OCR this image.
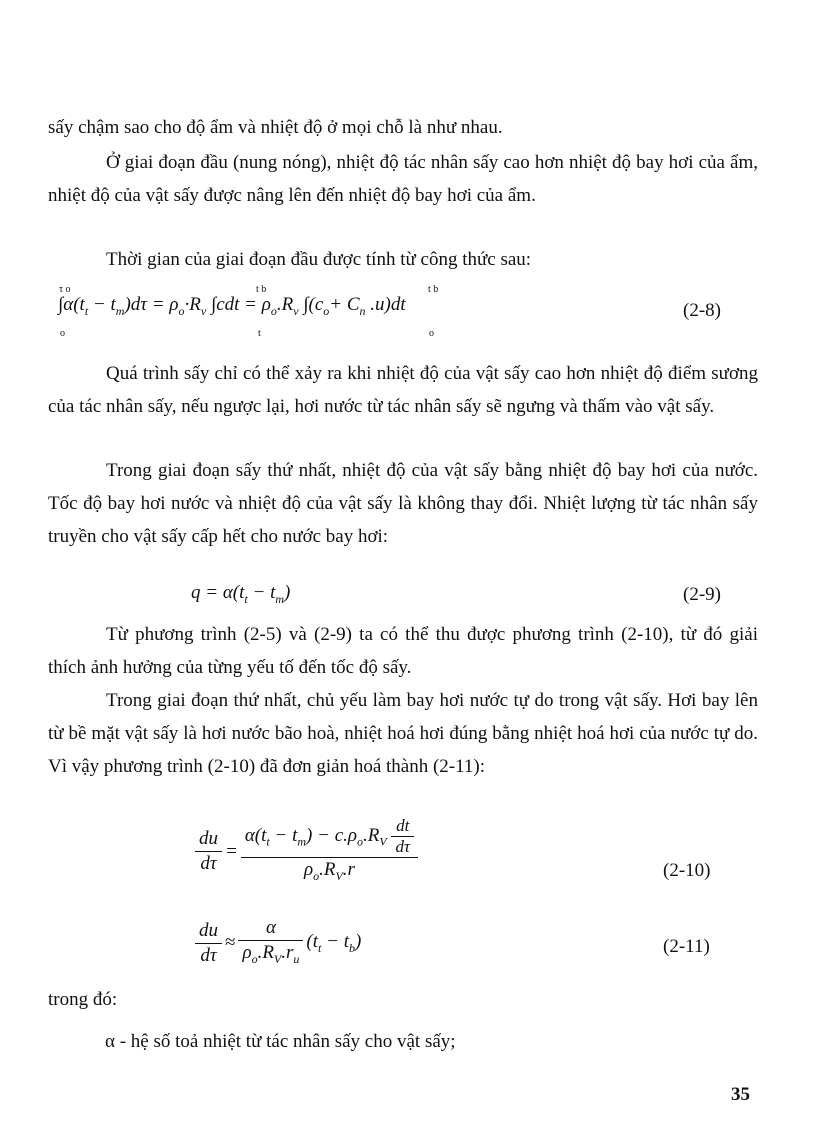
sấy chậm sao cho độ ẩm và nhiệt độ ở mọi chỗ là như nhau.
Ở giai đoạn đầu (nung nóng), nhiệt độ tác nhân sấy cao hơn nhiệt độ bay hơi của ẩm, nhiệt độ của vật sấy được nâng lên đến nhiệt độ bay hơi của ẩm.
Thời gian của giai đoạn đầu được tính từ công thức sau:
$\int\alpha(t_t - t_m)d\tau = \rho_o\cdot R_v$ $\int cdt = \rho_o.R_v$ $\int(c_o+ C_n$ .u)dt
τ o
o
t b
t
t b
o
(2-8)
Quá trình sấy chỉ có thể xảy ra khi nhiệt độ của vật sấy cao hơn nhiệt độ điểm sương của tác nhân sấy, nếu ngược lại, hơi nước từ tác nhân sấy sẽ ngưng và thấm vào vật sấy.
Trong giai đoạn sấy thứ nhất, nhiệt độ của vật sấy bằng nhiệt độ bay hơi của nước. Tốc độ bay hơi nước và nhiệt độ của vật sấy là không thay đổi. Nhiệt lượng từ tác nhân sấy truyền cho vật sấy cấp hết cho nước bay hơi:
$q = \alpha(t_t - t_m)$	(2-9)
Từ phương trình (2-5) và (2-9) ta có thể thu được phương trình (2-10), từ đó giải thích ảnh hưởng của từng yếu tố đến tốc độ sấy.
Trong giai đoạn thứ nhất, chủ yếu làm bay hơi nước tự do trong vật sấy. Hơi bay lên từ bề mặt vật sấy là hơi nước bão hoà, nhiệt hoá hơi đúng bằng nhiệt hoá hơi của nước tự do. Vì vậy phương trình (2-10) đã đơn giản hoá thành (2-11):
$\frac{du}{d\tau} = \frac{\alpha(t_t - t_m) - c.\rho_o.R_V \frac{dt}{d\tau}}{\rho_o.R_V.r}$	(2-10)
$\frac{du}{d\tau} \approx \frac{\alpha}{\rho_o.R_V.r_u} (t_t - t_b)$	(2-11)
trong đó:
α - hệ số toả nhiệt từ tác nhân sấy cho vật sấy;
35
